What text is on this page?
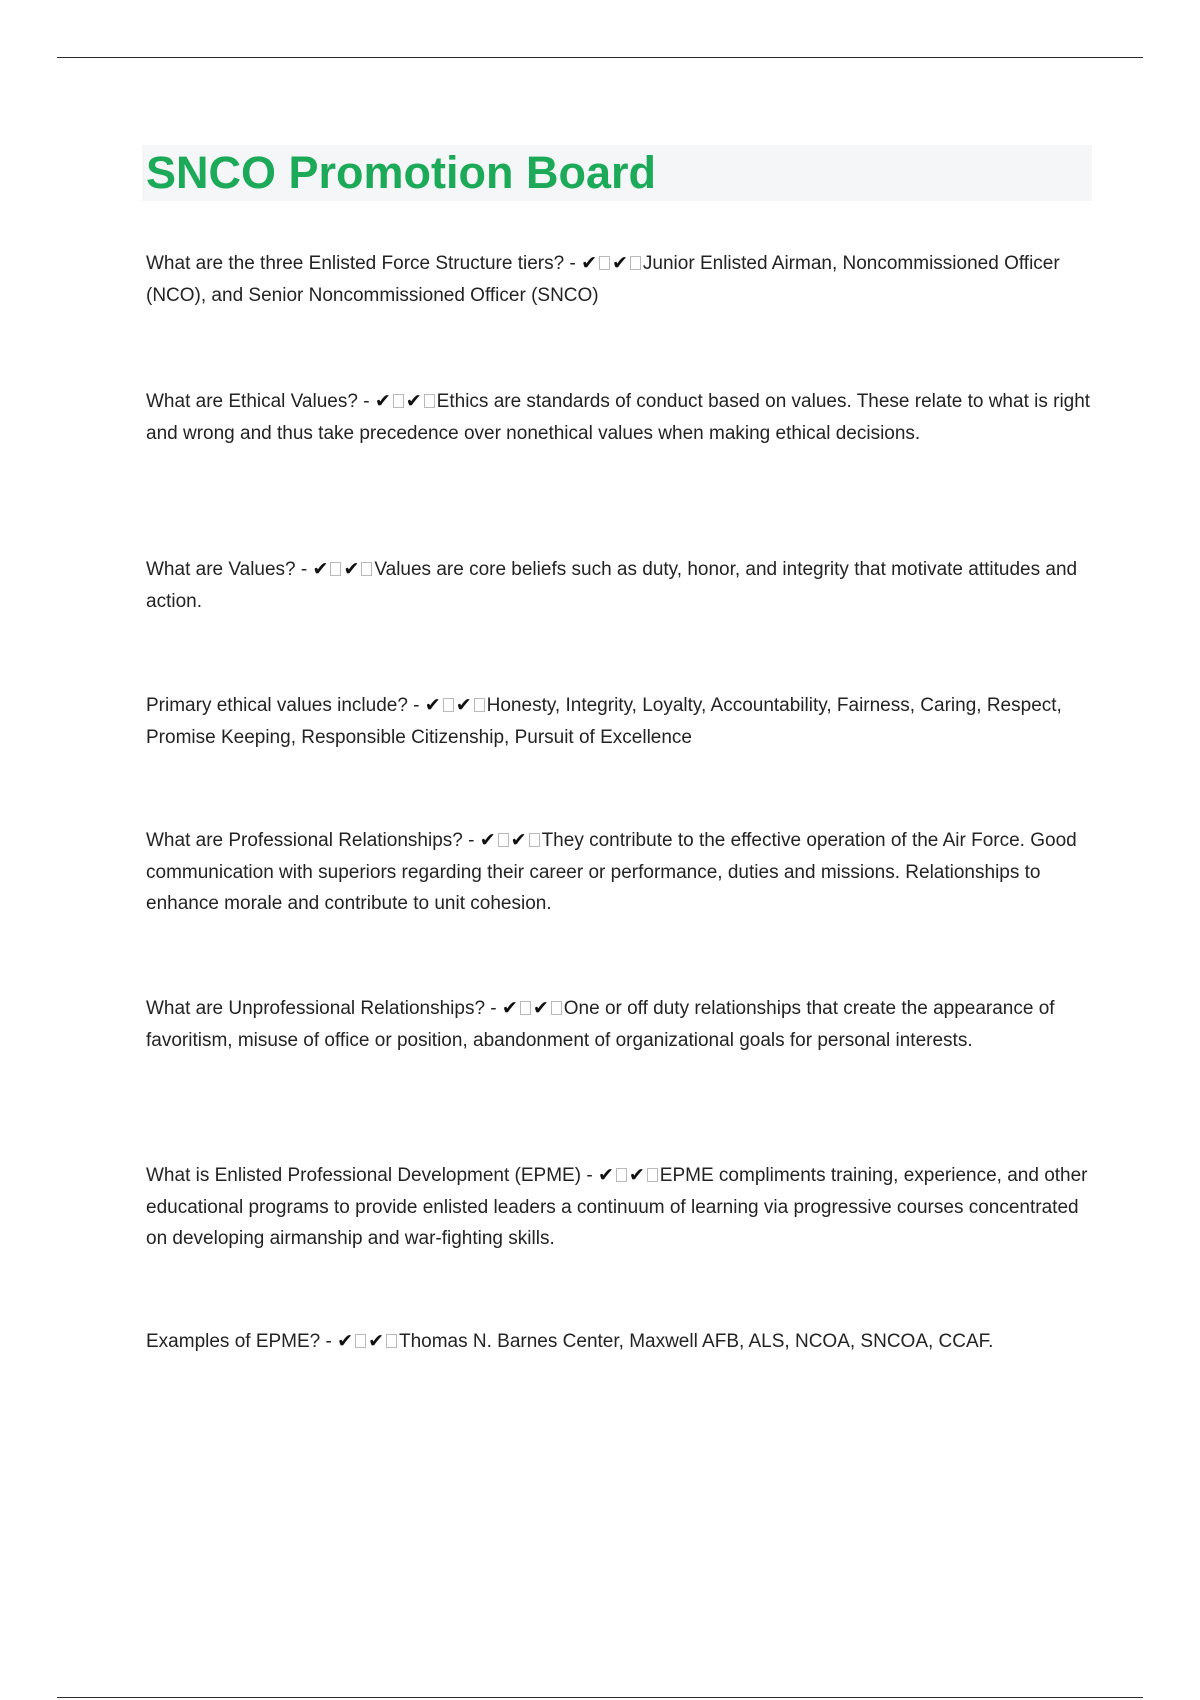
SNCO Promotion Board
What are the three Enlisted Force Structure tiers? - ✔ ✔ Junior Enlisted Airman, Noncommissioned Officer (NCO), and Senior Noncommissioned Officer (SNCO)
What are Ethical Values? - ✔ ✔ Ethics are standards of conduct based on values. These relate to what is right and wrong and thus take precedence over nonethical values when making ethical decisions.
What are Values? - ✔ ✔ Values are core beliefs such as duty, honor, and integrity that motivate attitudes and action.
Primary ethical values include? - ✔ ✔ Honesty, Integrity, Loyalty, Accountability, Fairness, Caring, Respect, Promise Keeping, Responsible Citizenship, Pursuit of Excellence
What are Professional Relationships? - ✔ ✔ They contribute to the effective operation of the Air Force. Good communication with superiors regarding their career or performance, duties and missions. Relationships to enhance morale and contribute to unit cohesion.
What are Unprofessional Relationships? - ✔ ✔ One or off duty relationships that create the appearance of favoritism, misuse of office or position, abandonment of organizational goals for personal interests.
What is Enlisted Professional Development (EPME) - ✔ ✔ EPME compliments training, experience, and other educational programs to provide enlisted leaders a continuum of learning via progressive courses concentrated on developing airmanship and war-fighting skills.
Examples of EPME? - ✔ ✔ Thomas N. Barnes Center, Maxwell AFB, ALS, NCOA, SNCOA, CCAF.
